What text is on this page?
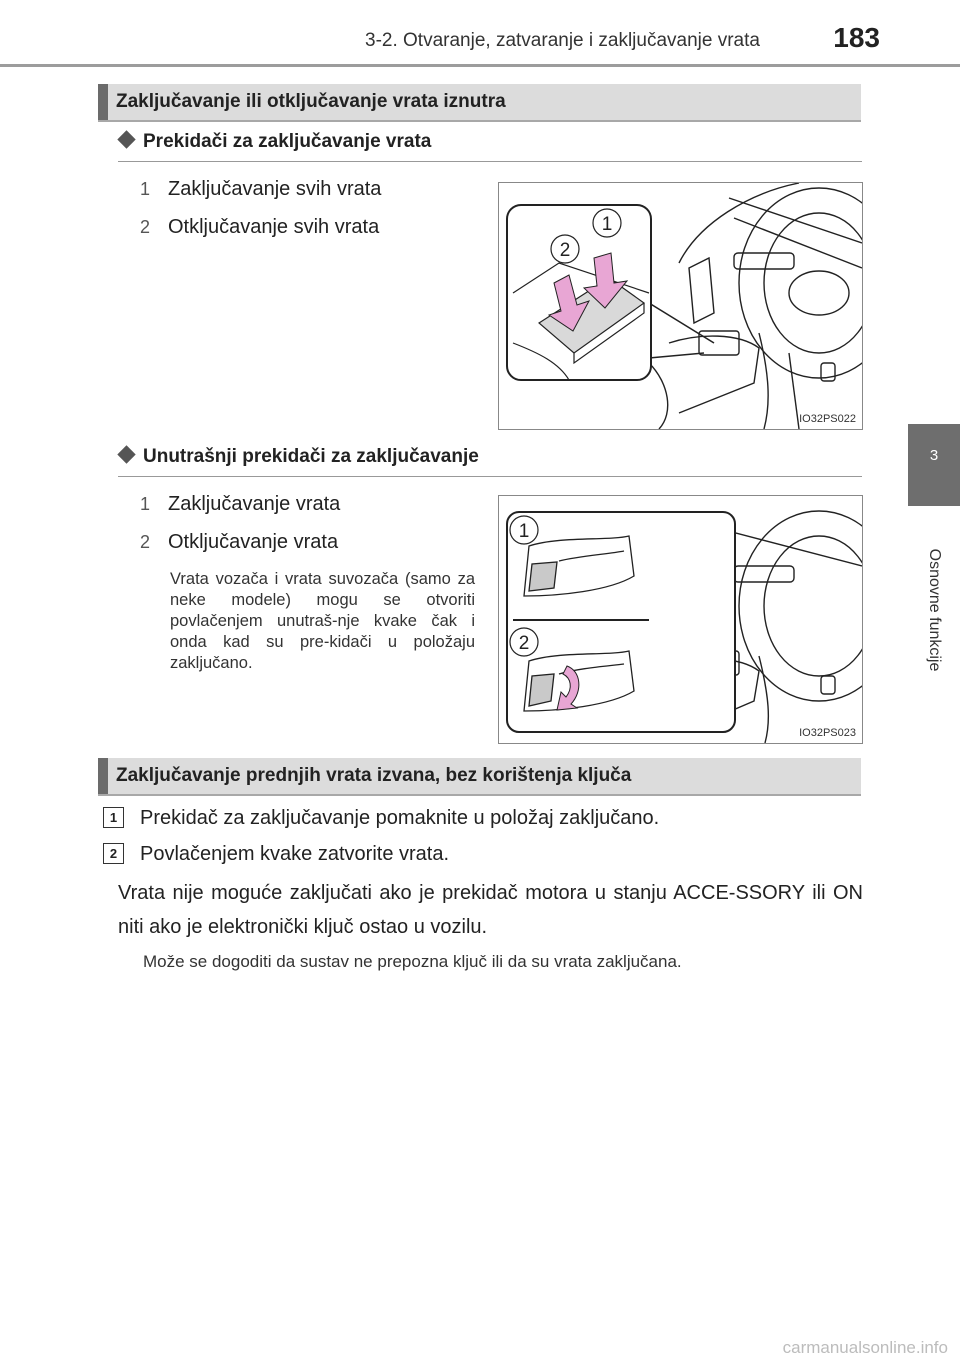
3-2. Otvaranje, zatvaranje i zaključavanje vrata	183
3
Osnovne funkcije
Zaključavanje ili otključavanje vrata iznutra
Prekidači za zaključavanje vrata
1 Zaključavanje svih vrata
2 Otključavanje svih vrata	1
2
IO32PS022
Unutrašnji prekidači za zaključavanje
1 Zaključavanje vrata
2 Otključavanje vrata
Vrata vozača i vrata suvozača (samo za neke modele) mogu se otvoriti povlačenjem unutraš-nje kvake čak i onda kad su pre-kidači u položaju zaključano.
1
2
IO32PS023
Zaključavanje prednjih vrata izvana, bez korištenja ključa
1 Prekidač za zaključavanje pomaknite u položaj zaključano.
2 Povlačenjem kvake zatvorite vrata.
Vrata nije moguće zaključati ako je prekidač motora u stanju ACCE-SSORY ili ON niti ako je elektronički ključ ostao u vozilu.
Može se dogoditi da sustav ne prepozna ključ ili da su vrata zaključana.
carmanualsonline.info
